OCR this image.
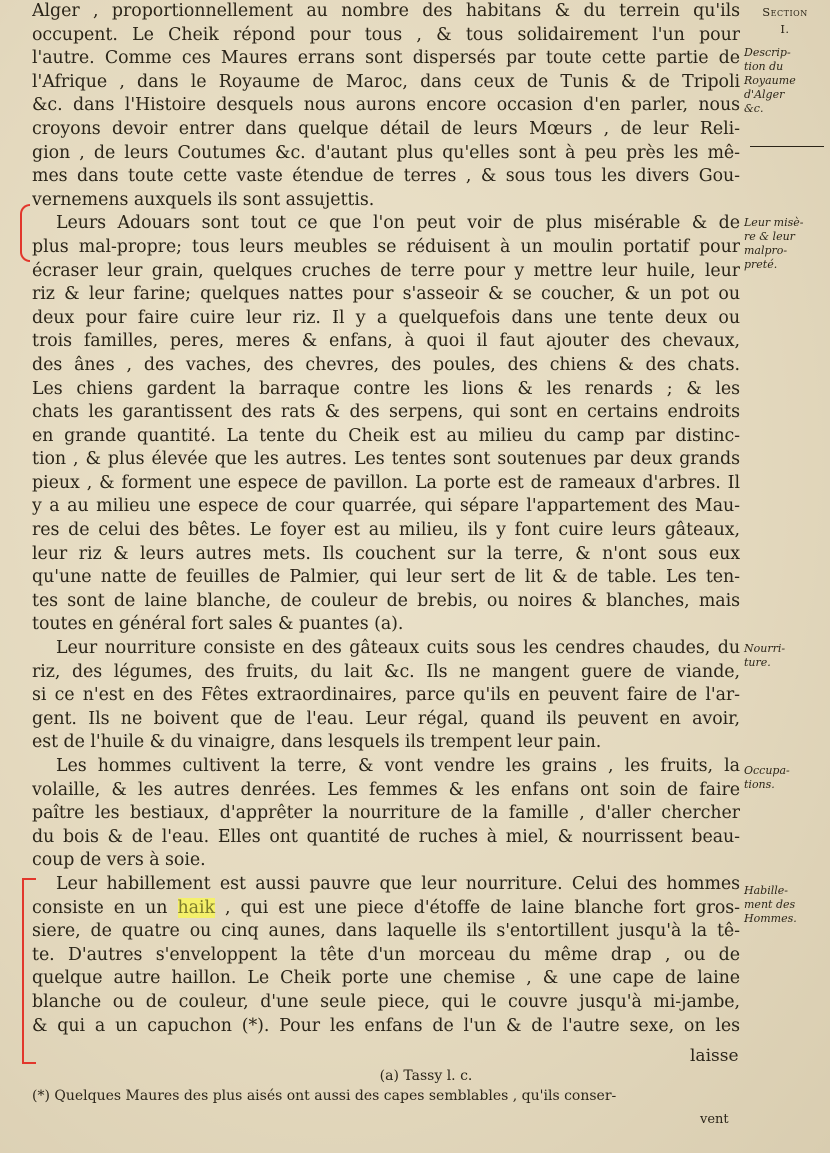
Alger , proportionnellement au nombre des habitans & du terrein qu'ils
occupent. Le Cheik répond pour tous , & tous solidairement l'un pour
l'autre. Comme ces Maures errans sont dispersés par toute cette partie de
l'Afrique , dans le Royaume de Maroc, dans ceux de Tunis & de Tripoli
&c. dans l'Histoire desquels nous aurons encore occasion d'en parler, nous
croyons devoir entrer dans quelque détail de leurs Mœurs , de leur Reli-
gion , de leurs Coutumes &c. d'autant plus qu'elles sont à peu près les mê-
mes dans toute cette vaste étendue de terres , & sous tous les divers Gou-
vernemens auxquels ils sont assujettis.
Leurs Adouars sont tout ce que l'on peut voir de plus misérable & de
plus mal-propre; tous leurs meubles se réduisent à un moulin portatif pour
écraser leur grain, quelques cruches de terre pour y mettre leur huile, leur
riz & leur farine; quelques nattes pour s'asseoir & se coucher, & un pot ou
deux pour faire cuire leur riz. Il y a quelquefois dans une tente deux ou
trois familles, peres, meres & enfans, à quoi il faut ajouter des chevaux,
des ânes , des vaches, des chevres, des poules, des chiens & des chats.
Les chiens gardent la barraque contre les lions & les renards ; & les
chats les garantissent des rats & des serpens, qui sont en certains endroits
en grande quantité. La tente du Cheik est au milieu du camp par distinc-
tion , & plus élevée que les autres. Les tentes sont soutenues par deux grands
pieux , & forment une espece de pavillon. La porte est de rameaux d'arbres. Il
y a au milieu une espece de cour quarrée, qui sépare l'appartement des Mau-
res de celui des bêtes. Le foyer est au milieu, ils y font cuire leurs gâteaux,
leur riz & leurs autres mets. Ils couchent sur la terre, & n'ont sous eux
qu'une natte de feuilles de Palmier, qui leur sert de lit & de table. Les ten-
tes sont de laine blanche, de couleur de brebis, ou noires & blanches, mais
toutes en général fort sales & puantes (a).
Leur nourriture consiste en des gâteaux cuits sous les cendres chaudes, du
riz, des légumes, des fruits, du lait &c. Ils ne mangent guere de viande,
si ce n'est en des Fêtes extraordinaires, parce qu'ils en peuvent faire de l'ar-
gent. Ils ne boivent que de l'eau. Leur régal, quand ils peuvent en avoir,
est de l'huile & du vinaigre, dans lesquels ils trempent leur pain.
Les hommes cultivent la terre, & vont vendre les grains , les fruits, la
volaille, & les autres denrées. Les femmes & les enfans ont soin de faire
paître les bestiaux, d'apprêter la nourriture de la famille , d'aller chercher
du bois & de l'eau. Elles ont quantité de ruches à miel, & nourrissent beau-
coup de vers à soie.
Leur habillement est aussi pauvre que leur nourriture. Celui des hommes
consiste en un haik , qui est une piece d'étoffe de laine blanche fort gros-
siere, de quatre ou cinq aunes, dans laquelle ils s'entortillent jusqu'à la tê-
te. D'autres s'enveloppent la tête d'un morceau du même drap , ou de
quelque autre haillon. Le Cheik porte une chemise , & une cape de laine
blanche ou de couleur, d'une seule piece, qui le couvre jusqu'à mi-jambe,
& qui a un capuchon (*). Pour les enfans de l'un & de l'autre sexe, on les
Section
I.
Descrip-
tion du
Royaume
d'Alger
&c.
Leur misè-
re & leur
malpro-
preté.
Nourri-
ture.
Occupa-
tions.
Habille-
ment des
Hommes.
laisse
(a) Tassy l. c.
(*) Quelques Maures des plus aisés ont aussi des capes semblables , qu'ils conser-
vent
